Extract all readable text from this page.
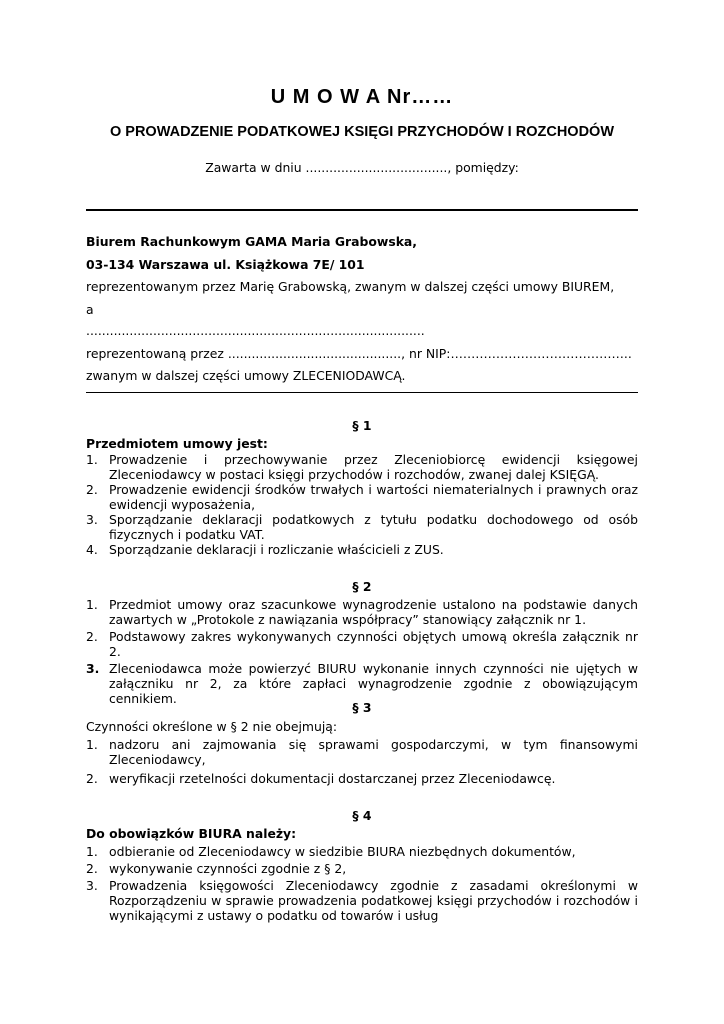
U M O W A Nr……
O PROWADZENIE PODATKOWEJ KSIĘGI PRZYCHODÓW I ROZCHODÓW
Zawarta w dniu ...................................., pomiędzy:
Biurem Rachunkowym GAMA Maria Grabowska,
03-134 Warszawa ul. Książkowa 7E/ 101
reprezentowanym przez Marię Grabowską, zwanym w dalszej części umowy BIUREM,
a
......................................................................................
reprezentowaną przez ............................................, nr NIP:……………………………………..
zwanym w dalszej części umowy ZLECENIODAWCĄ.
§ 1
Przedmiotem umowy jest:
1. Prowadzenie i przechowywanie przez Zleceniobiorcę ewidencji księgowej Zleceniodawcy w postaci księgi przychodów i rozchodów, zwanej dalej KSIĘGĄ.
2. Prowadzenie ewidencji środków trwałych i wartości niematerialnych i prawnych oraz ewidencji wyposażenia,
3. Sporządzanie deklaracji podatkowych z tytułu podatku dochodowego od osób fizycznych i podatku VAT.
4. Sporządzanie deklaracji i rozliczanie właścicieli z ZUS.
§ 2
1. Przedmiot umowy oraz szacunkowe wynagrodzenie ustalono na podstawie danych zawartych w „Protokole z nawiązania współpracy” stanowiący załącznik nr 1.
2. Podstawowy zakres wykonywanych czynności objętych umową określa załącznik nr 2.
3. Zleceniodawca może powierzyć BIURU wykonanie innych czynności nie ujętych w załączniku nr 2, za które zapłaci wynagrodzenie zgodnie z obowiązującym cennikiem.
§ 3
Czynności określone w § 2 nie obejmują:
1. nadzoru ani zajmowania się sprawami gospodarczymi, w tym finansowymi Zleceniodawcy,
2. weryfikacji rzetelności dokumentacji dostarczanej przez Zleceniodawcę.
§ 4
Do obowiązków BIURA należy:
1. odbieranie od Zleceniodawcy w siedzibie BIURA niezbędnych dokumentów,
2. wykonywanie czynności zgodnie z § 2,
3. Prowadzenia księgowości Zleceniodawcy zgodnie z zasadami określonymi w Rozporządzeniu w sprawie prowadzenia podatkowej księgi przychodów i rozchodów i wynikającymi z ustawy o podatku od towarów i usług
